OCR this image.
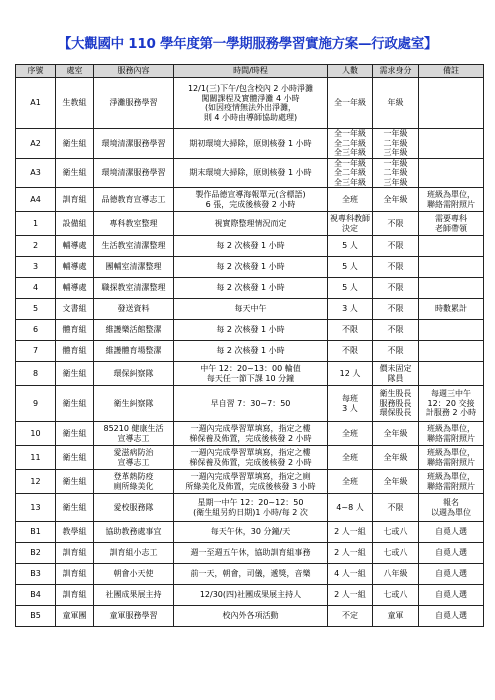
【大觀國中 110 學年度第一學期服務學習實施方案—行政處室】
序號	處室	服務內容	時間/時程	人數	需求身分	備註
A1	生教組	淨灘服務學習	12/1(三)下午/包含校內 2 小時淨灘
闖關課程及實體淨灘 4 小時
(如因疫情無法外出淨灘，
則 4 小時由導師協助處理)	全一年級	年級	

A2	衛生組	環境清潔服務學習	期初環境大掃除，原則核發 1 小時	全一年級
全二年級
全三年級	一年級
二年級
三年級	

A3	衛生組	環境清潔服務學習	期末環境大掃除，原則核發 1 小時	全一年級
全二年級
全三年級	一年級
二年級
三年級	

A4	訓育組	品德教育宣導志工	製作品德宣導海報單元(含標語)
6 張，完成後核發 2 小時	全班	全年級	班級為單位，
聯絡需附照片

1	設備組	專科教室整理	視實際整理情況而定	視專科教師
決定	不限	需要專科
老師帶領

2	輔導處	生活教室清潔整理	每 2 次核發 1 小時	5 人	不限	

3	輔導處	團輔室清潔整理	每 2 次核發 1 小時	5 人	不限	

4	輔導處	職探教室清潔整理	每 2 次核發 1 小時	5 人	不限	

5	文書組	發送資料	每天中午	3 人	不限	時數累計

6	體育組	維護樂活館整潔	每 2 次核發 1 小時	不限	不限	

7	體育組	維護體育場整潔	每 2 次核發 1 小時	不限	不限	

8	衛生組	環保糾察隊	中午 12：20~13：00 輪值
每天任一節下課 10 分鐘	12 人	價未固定
隊員	

9	衛生組	衛生糾察隊	早自習 7：30~7：50	每班
3 人	衛生股長
服務股長
環保股長	每週三中午
12：20 交接
計服務 2 小時

10	衛生組	85210 健康生活
宣導志工	一週內完成學習單填寫，指定之樓
梯保養及佈置，完成後核發 2 小時	全班	全年級	班級為單位，
聯絡需附照片

11	衛生組	愛滋病防治
宣導志工	一週內完成學習單填寫，指定之樓
梯保養及佈置，完成後核發 2 小時	全班	全年級	班級為單位，
聯絡需附照片

12	衛生組	登革熱防疫
廁所綠美化	一週內完成學習單填寫，指定之廁
所綠美化及佈置，完成後核發 3 小時	全班	全年級	班級為單位，
聯絡需附照片

13	衛生組	愛校服務隊	星期一中午 12：20~12：50
(衛生組另約日期)1 小時/每 2 次	4~8 人	不限	報名
以週為單位

B1	教學組	協助教務處事宜	每天午休，30 分鐘/天	2 人一組	七或八	自覓人選

B2	訓育組	訓育組小志工	週一至週五午休，協助訓育組事務	2 人一組	七或八	自覓人選

B3	訓育組	朝會小天使	前一天，朝會，司儀，遞獎，音樂	4 人一組	八年級	自覓人選

B4	訓育組	社團成果展主持	12/30(四)社團成果展主持人	2 人一組	七或八	自覓人選

B5	童軍團	童軍服務學習	校內外各項活動	不定	童軍	自覓人選
